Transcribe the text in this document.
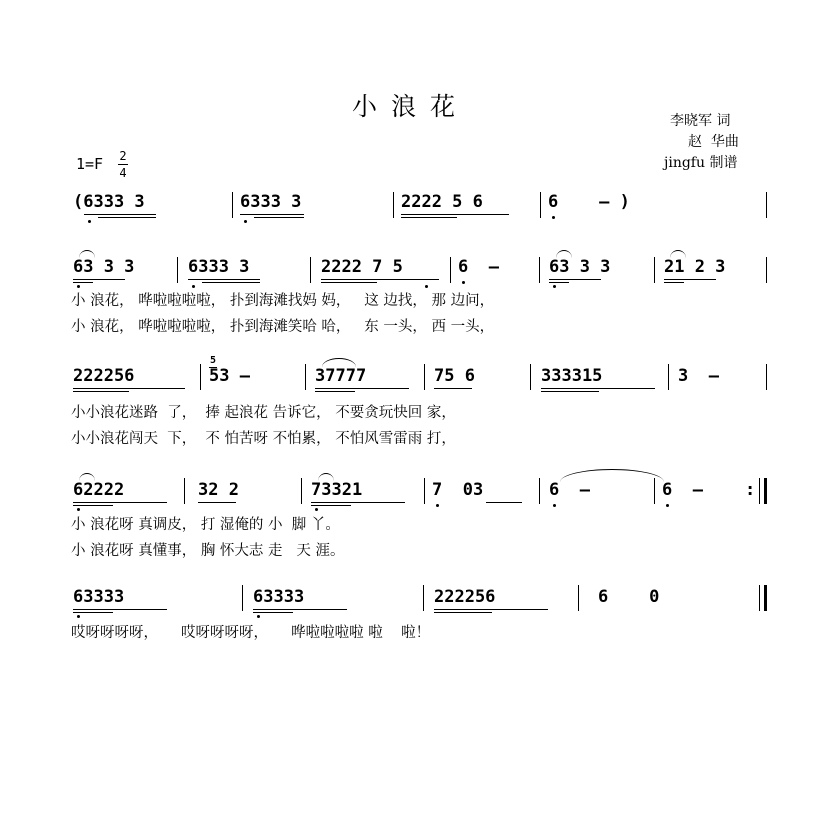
小浪花	李晓军 词
赵  华曲
jingfu 制谱
1=F 2
4
(6333 3	6333 3	2222 5 6	6    – )
63 3 3	6333 3	2222 7 5	6  –	63 3 3	21 2 3
小 浪花， 哗啦啦啦啦， 扑到海滩找妈 妈，   这 边找， 那 边问，
小 浪花， 哗啦啦啦啦， 扑到海滩笑哈 哈，   东 一头， 西 一头，
222256
5
53 –	37777	75 6	333315	3  –
小小浪花迷路  了，  捧 起浪花 告诉它， 不要贪玩快回 家，
小小浪花闯天  下，  不 怕苦呀 不怕累， 不怕风雪雷雨 打，
62222	32 2	73321	7  03	6  –	6  – :
小 浪花呀 真调皮， 打 湿俺的 小  脚 丫。
小 浪花呀 真懂事， 胸 怀大志 走   天 涯。
63333	63333	222256	6    0
哎呀呀呀呀，     哎呀呀呀呀，     哗啦啦啦啦 啦    啦！
